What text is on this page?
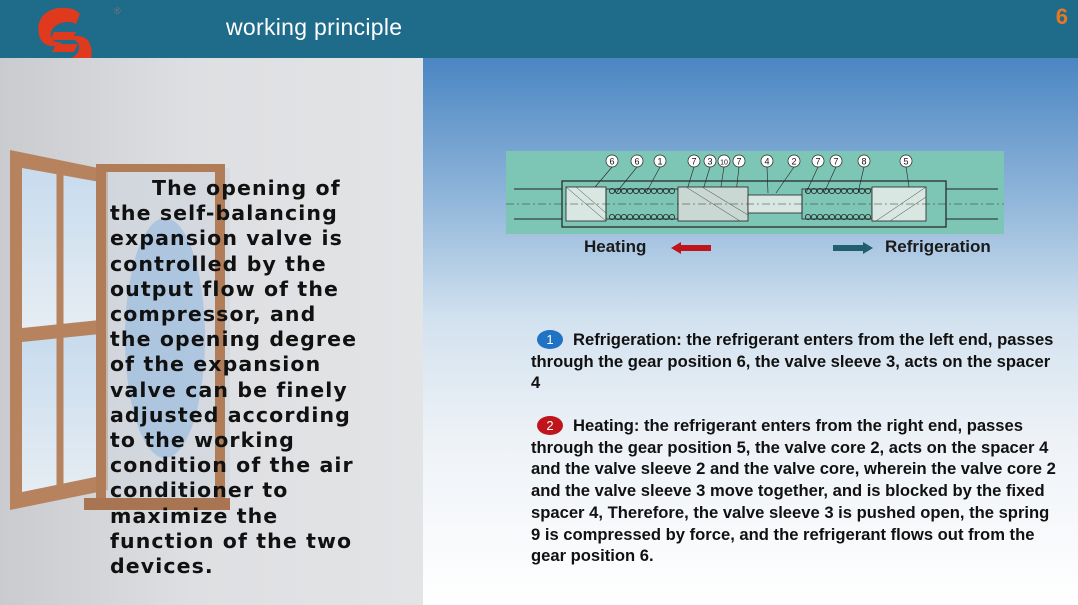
working principle	6
®
The opening of the self-balancing expansion valve is controlled by the output flow of the compressor, and the opening degree of the expansion valve can be finely adjusted according to the working condition of the air conditioner to maximize the function of the two devices.
6 6 1	7 3 10 7	4 2 7 7	8	5
Heating	Refrigeration
1 Refrigeration: the refrigerant enters from the left end, passes through the gear position 6, the valve sleeve 3, acts on the spacer 4
2 Heating: the refrigerant enters from the right end, passes through the gear position 5, the valve core 2, acts on the spacer 4 and the valve sleeve 2 and the valve core, wherein the valve core 2 and the valve sleeve 3 move together, and is blocked by the fixed spacer 4, Therefore, the valve sleeve 3 is pushed open, the spring 9 is compressed by force, and the refrigerant flows out from the gear position 6.
